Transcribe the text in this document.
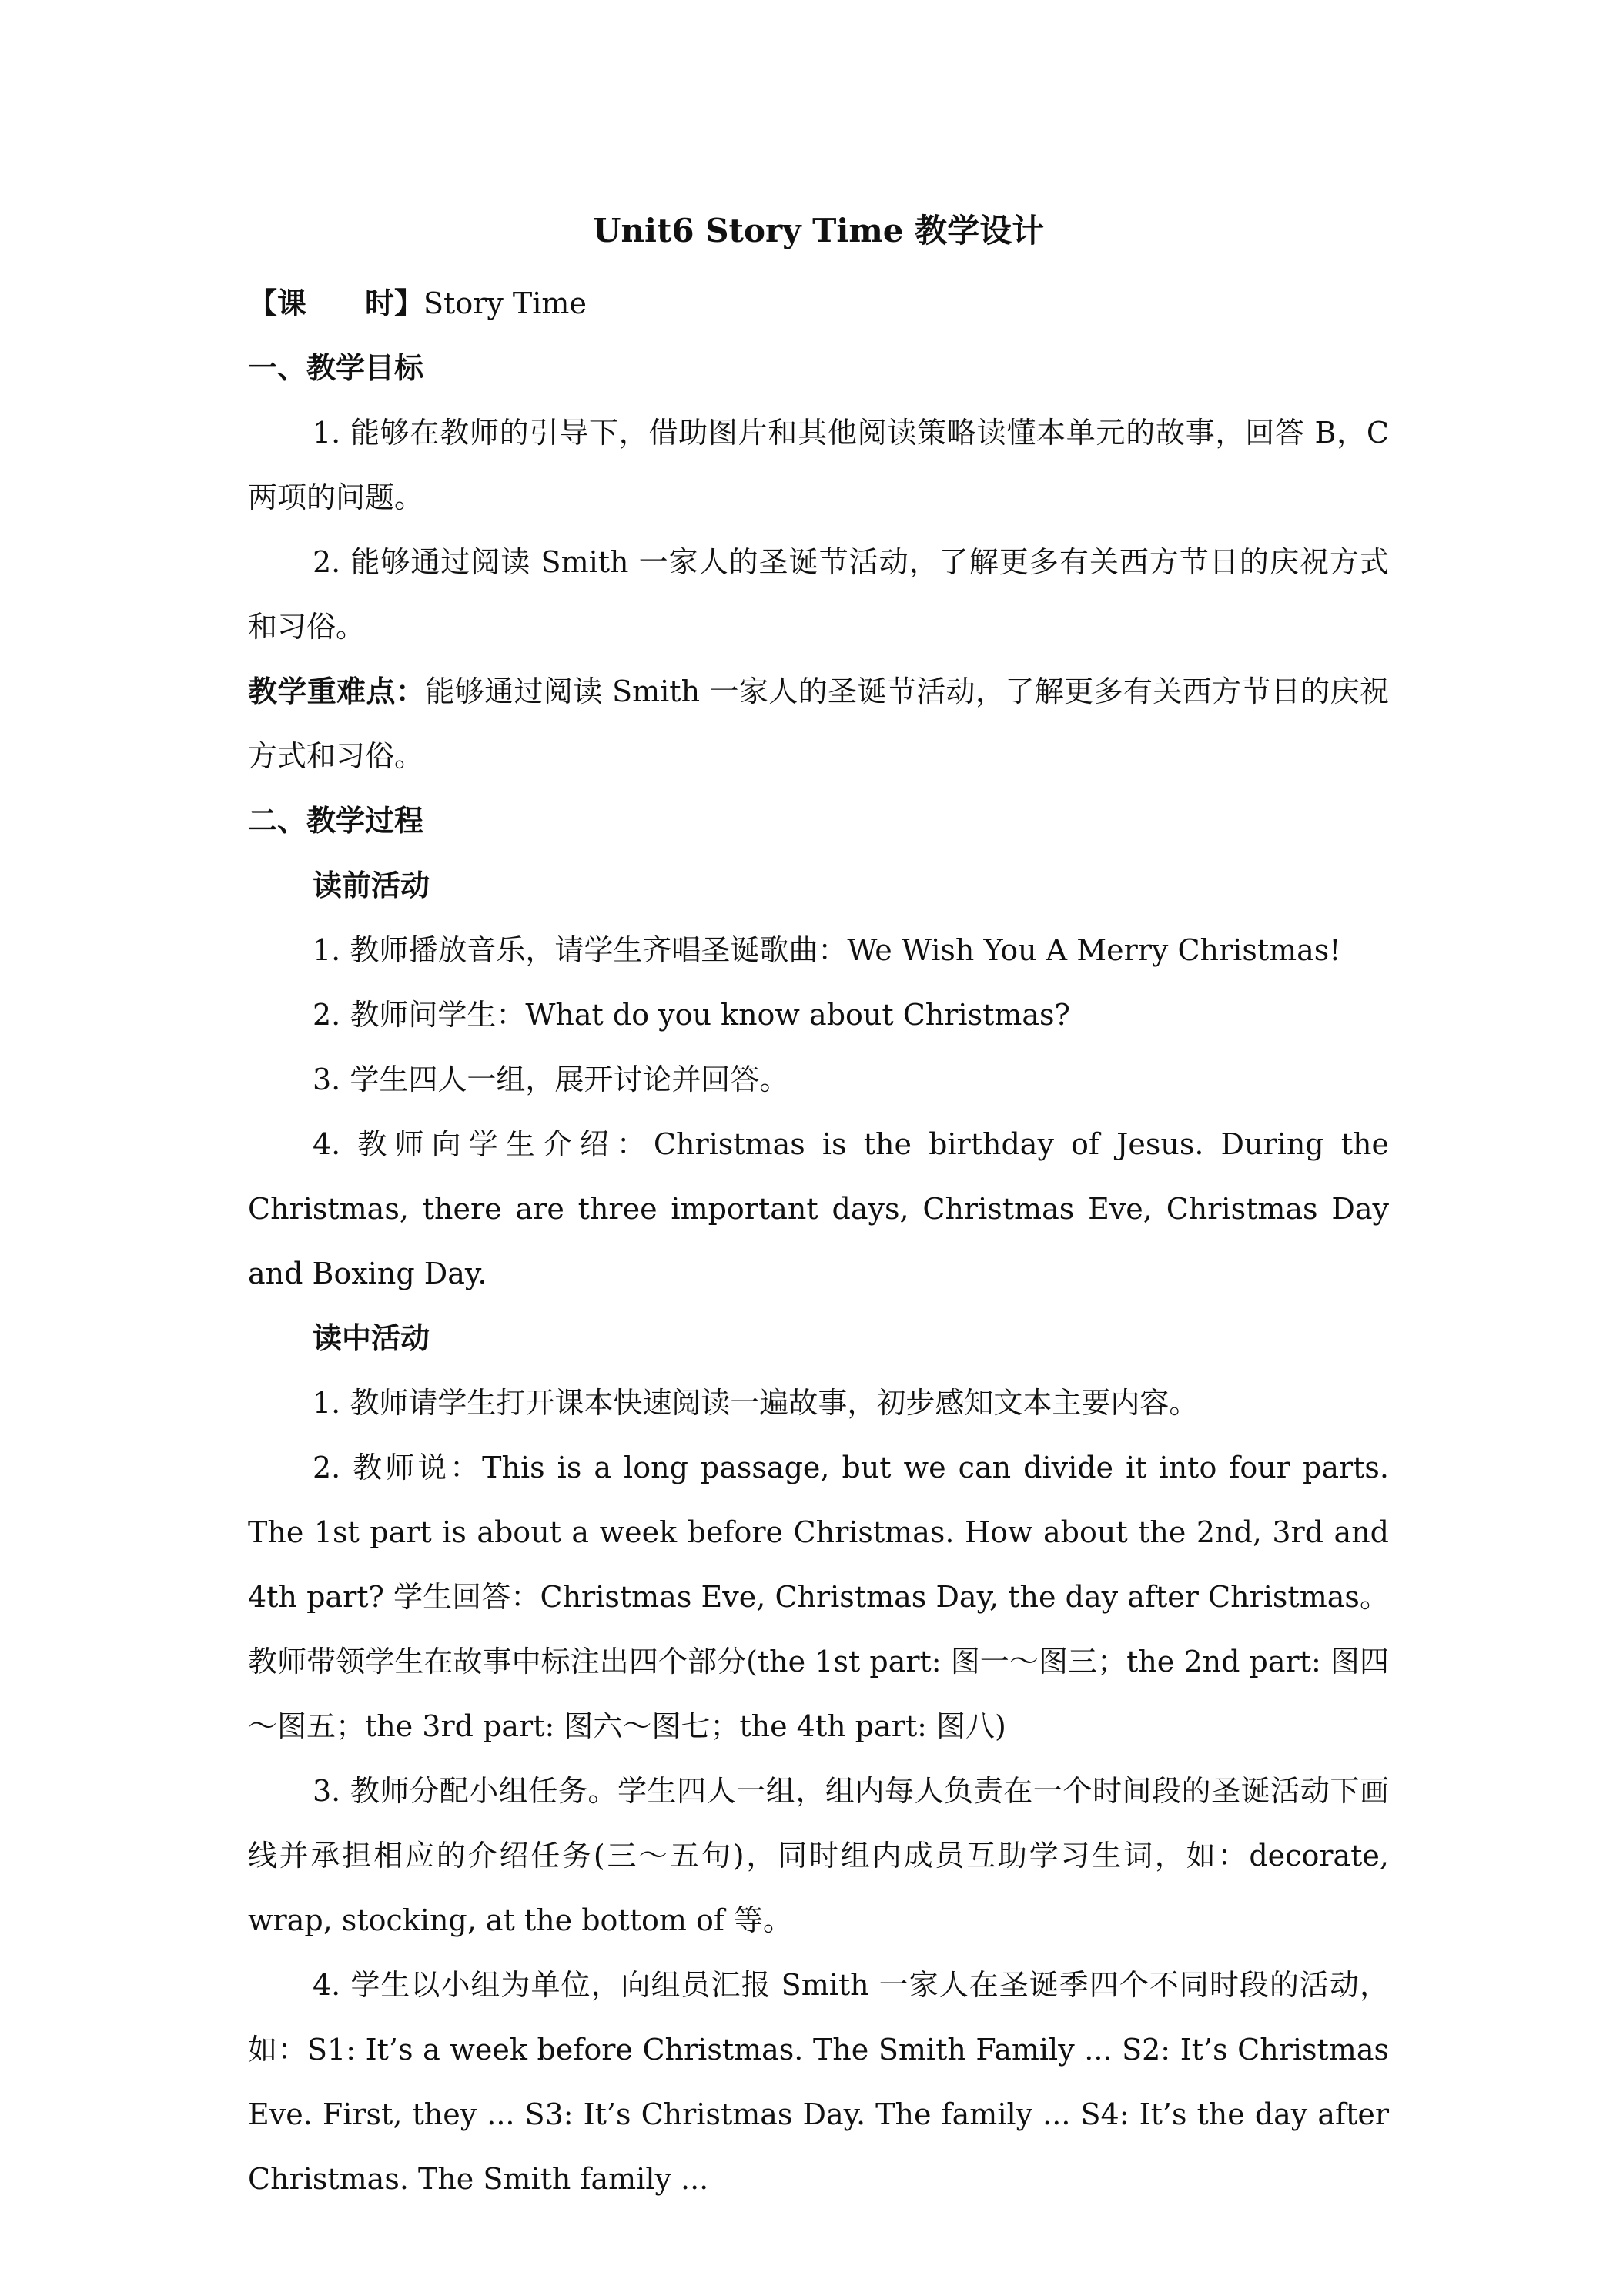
Unit6 Story Time 教学设计

【课　　时】Story Time

一、教学目标

1. 能够在教师的引导下，借助图片和其他阅读策略读懂本单元的故事，回答 B，C 两项的问题。

2. 能够通过阅读 Smith 一家人的圣诞节活动，了解更多有关西方节日的庆祝方式和习俗。

教学重难点：能够通过阅读 Smith 一家人的圣诞节活动，了解更多有关西方节日的庆祝方式和习俗。

二、教学过程

读前活动

1. 教师播放音乐，请学生齐唱圣诞歌曲：We Wish You A Merry Christmas!

2. 教师问学生：What do you know about Christmas?

3. 学生四人一组，展开讨论并回答。

4. 教师向学生介绍：Christmas is the birthday of Jesus. During the Christmas, there are three important days, Christmas Eve, Christmas Day and Boxing Day.

读中活动

1. 教师请学生打开课本快速阅读一遍故事，初步感知文本主要内容。

2. 教师说：This is a long passage, but we can divide it into four parts. The 1st part is about a week before Christmas. How about the 2nd, 3rd and 4th part? 学生回答：Christmas Eve, Christmas Day, the day after Christmas。教师带领学生在故事中标注出四个部分(the 1st part: 图一～图三；the 2nd part: 图四～图五；the 3rd part: 图六～图七；the 4th part: 图八)

3. 教师分配小组任务。学生四人一组，组内每人负责在一个时间段的圣诞活动下画线并承担相应的介绍任务(三～五句)，同时组内成员互助学习生词，如：decorate, wrap, stocking, at the bottom of 等。

4. 学生以小组为单位，向组员汇报 Smith 一家人在圣诞季四个不同时段的活动，如：S1: It’s a week before Christmas. The Smith Family ... S2: It’s Christmas Eve. First, they ... S3: It’s Christmas Day. The family ... S4: It’s the day after Christmas. The Smith family ...
